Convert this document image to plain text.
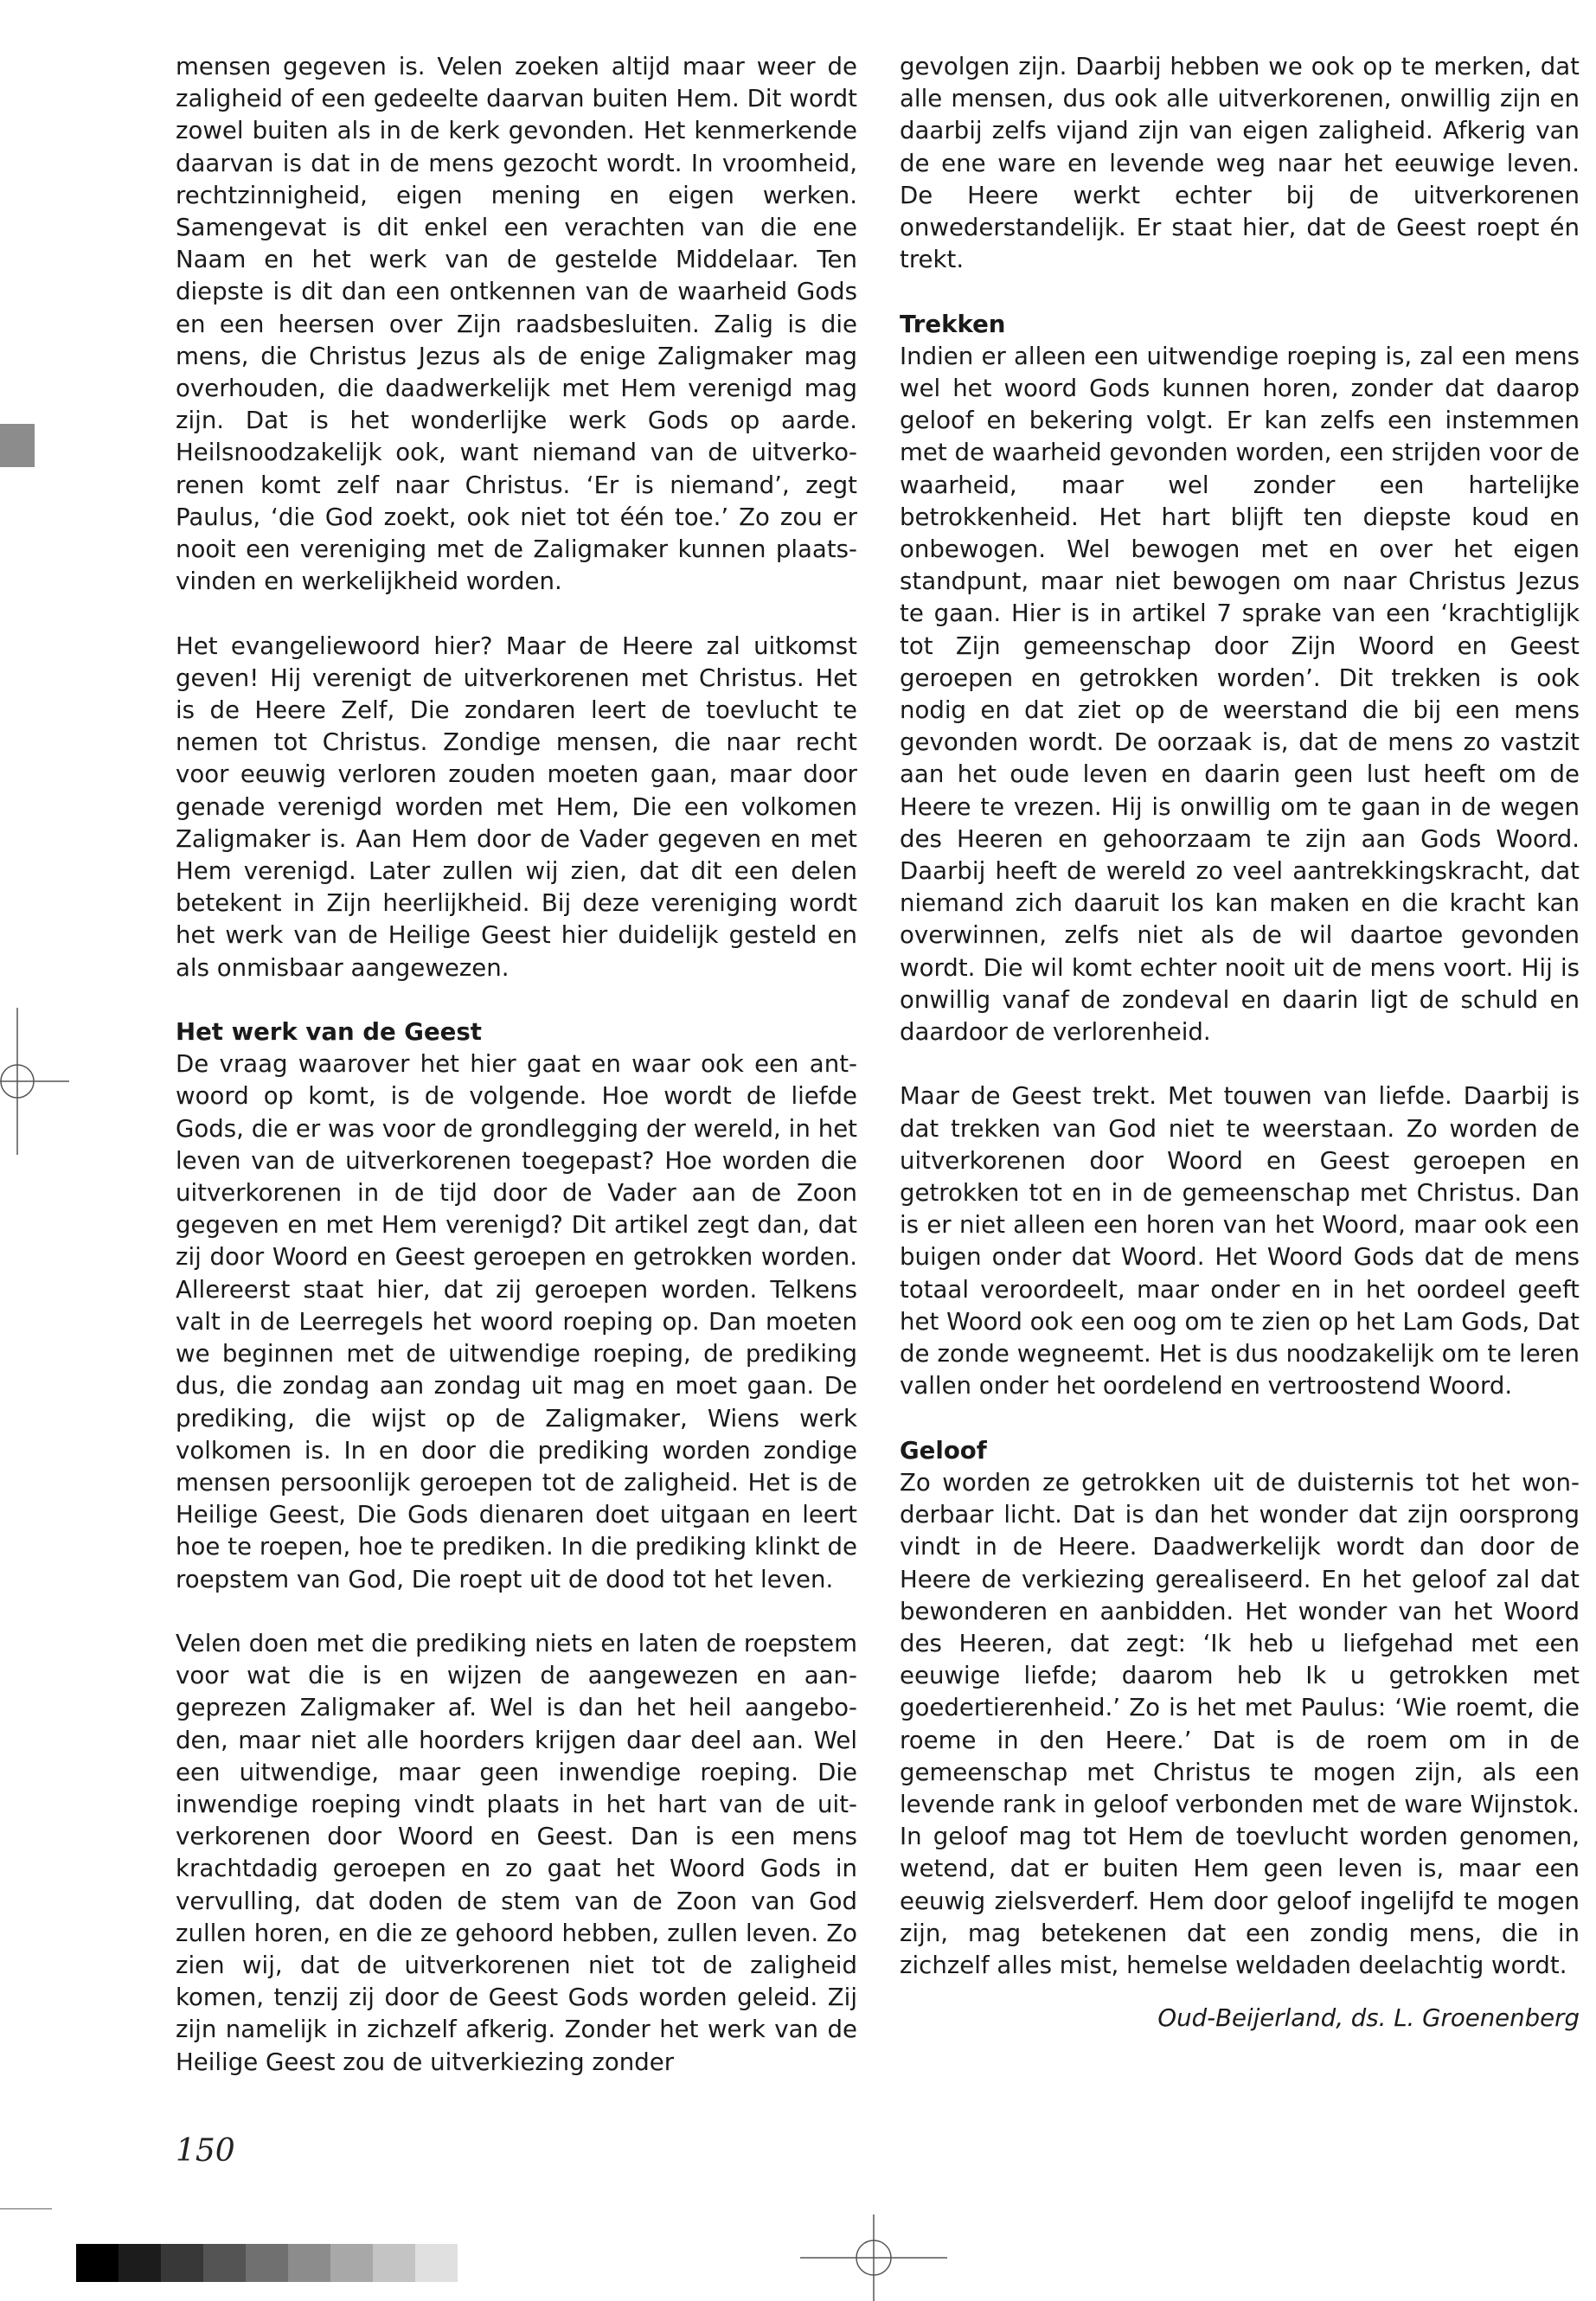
mensen gegeven is. Velen zoeken altijd maar weer de zaligheid of een gedeelte daarvan buiten Hem. Dit wordt zowel buiten als in de kerk gevonden. Het kenmerkende daarvan is dat in de mens gezocht wordt. In vroomheid, rechtzinnigheid, eigen mening en eigen werken. Samengevat is dit enkel een verachten van die ene Naam en het werk van de gestelde Middelaar. Ten diepste is dit dan een ontkennen van de waarheid Gods en een heersen over Zijn raadsbesluiten. Zalig is die mens, die Christus Jezus als de enige Zaligmaker mag overhouden, die daadwerkelijk met Hem verenigd mag zijn. Dat is het wonderlijke werk Gods op aarde. Heilsnoodzakelijk ook, want niemand van de uitverkorenen komt zelf naar Christus. ‘Er is niemand’, zegt Paulus, ‘die God zoekt, ook niet tot één toe.’ Zo zou er nooit een vereniging met de Zaligmaker kunnen plaatsvinden en werkelijkheid worden.

Het evangeliewoord hier? Maar de Heere zal uitkomst geven! Hij verenigt de uitverkorenen met Christus. Het is de Heere Zelf, Die zondaren leert de toevlucht te nemen tot Christus. Zondige mensen, die naar recht voor eeuwig verloren zouden moeten gaan, maar door genade verenigd worden met Hem, Die een volkomen Zaligmaker is. Aan Hem door de Vader gegeven en met Hem verenigd. Later zullen wij zien, dat dit een delen betekent in Zijn heerlijkheid. Bij deze vereniging wordt het werk van de Heilige Geest hier duidelijk gesteld en als onmisbaar aangewezen.

Het werk van de Geest

De vraag waarover het hier gaat en waar ook een antwoord op komt, is de volgende. Hoe wordt de liefde Gods, die er was voor de grondlegging der wereld, in het leven van de uitverkorenen toegepast? Hoe worden die uitverkorenen in de tijd door de Vader aan de Zoon gegeven en met Hem verenigd? Dit artikel zegt dan, dat zij door Woord en Geest geroepen en getrokken worden. Allereerst staat hier, dat zij geroepen worden. Telkens valt in de Leerregels het woord roeping op. Dan moeten we beginnen met de uitwendige roeping, de prediking dus, die zondag aan zondag uit mag en moet gaan. De prediking, die wijst op de Zaligmaker, Wiens werk volkomen is. In en door die prediking worden zondige mensen persoonlijk geroepen tot de zaligheid. Het is de Heilige Geest, Die Gods dienaren doet uitgaan en leert hoe te roepen, hoe te prediken. In die prediking klinkt de roepstem van God, Die roept uit de dood tot het leven.

Velen doen met die prediking niets en laten de roepstem voor wat die is en wijzen de aangewezen en aangeprezen Zaligmaker af. Wel is dan het heil aangeboden, maar niet alle hoorders krijgen daar deel aan. Wel een uitwendige, maar geen inwendige roeping. Die inwendige roeping vindt plaats in het hart van de uitverkorenen door Woord en Geest. Dan is een mens krachtdadig geroepen en zo gaat het Woord Gods in vervulling, dat doden de stem van de Zoon van God zullen horen, en die ze gehoord hebben, zullen leven. Zo zien wij, dat de uitverkorenen niet tot de zaligheid komen, tenzij zij door de Geest Gods worden geleid. Zij zijn namelijk in zichzelf afkerig. Zonder het werk van de Heilige Geest zou de uitverkiezing zonder

gevolgen zijn. Daarbij hebben we ook op te merken, dat alle mensen, dus ook alle uitverkorenen, onwillig zijn en daarbij zelfs vijand zijn van eigen zaligheid. Afkerig van de ene ware en levende weg naar het eeuwige leven. De Heere werkt echter bij de uitverkorenen onwederstandelijk. Er staat hier, dat de Geest roept én trekt.

Trekken

Indien er alleen een uitwendige roeping is, zal een mens wel het woord Gods kunnen horen, zonder dat daarop geloof en bekering volgt. Er kan zelfs een instemmen met de waarheid gevonden worden, een strijden voor de waarheid, maar wel zonder een hartelijke betrokkenheid. Het hart blijft ten diepste koud en onbewogen. Wel bewogen met en over het eigen standpunt, maar niet bewogen om naar Christus Jezus te gaan. Hier is in artikel 7 sprake van een ‘krachtiglijk tot Zijn gemeenschap door Zijn Woord en Geest geroepen en getrokken worden’. Dit trekken is ook nodig en dat ziet op de weerstand die bij een mens gevonden wordt. De oorzaak is, dat de mens zo vastzit aan het oude leven en daarin geen lust heeft om de Heere te vrezen. Hij is onwillig om te gaan in de wegen des Heeren en gehoorzaam te zijn aan Gods Woord. Daarbij heeft de wereld zo veel aantrekkingskracht, dat niemand zich daaruit los kan maken en die kracht kan overwinnen, zelfs niet als de wil daartoe gevonden wordt. Die wil komt echter nooit uit de mens voort. Hij is onwillig vanaf de zondeval en daarin ligt de schuld en daardoor de verlorenheid.

Maar de Geest trekt. Met touwen van liefde. Daarbij is dat trekken van God niet te weerstaan. Zo worden de uitverkorenen door Woord en Geest geroepen en getrokken tot en in de gemeenschap met Christus. Dan is er niet alleen een horen van het Woord, maar ook een buigen onder dat Woord. Het Woord Gods dat de mens totaal veroordeelt, maar onder en in het oordeel geeft het Woord ook een oog om te zien op het Lam Gods, Dat de zonde wegneemt. Het is dus noodzakelijk om te leren vallen onder het oordelend en vertroostend Woord.

Geloof

Zo worden ze getrokken uit de duisternis tot het wonderbaar licht. Dat is dan het wonder dat zijn oorsprong vindt in de Heere. Daadwerkelijk wordt dan door de Heere de verkiezing gerealiseerd. En het geloof zal dat bewonderen en aanbidden. Het wonder van het Woord des Heeren, dat zegt: ‘Ik heb u liefgehad met een eeuwige liefde; daarom heb Ik u getrokken met goedertierenheid.’ Zo is het met Paulus: ‘Wie roemt, die roeme in den Heere.’ Dat is de roem om in de gemeenschap met Christus te mogen zijn, als een levende rank in geloof verbonden met de ware Wijnstok. In geloof mag tot Hem de toevlucht worden genomen, wetend, dat er buiten Hem geen leven is, maar een eeuwig zielsverderf. Hem door geloof ingelijfd te mogen zijn, mag betekenen dat een zondig mens, die in zichzelf alles mist, hemelse weldaden deelachtig wordt.

Oud-Beijerland, ds. L. Groenenberg
150
